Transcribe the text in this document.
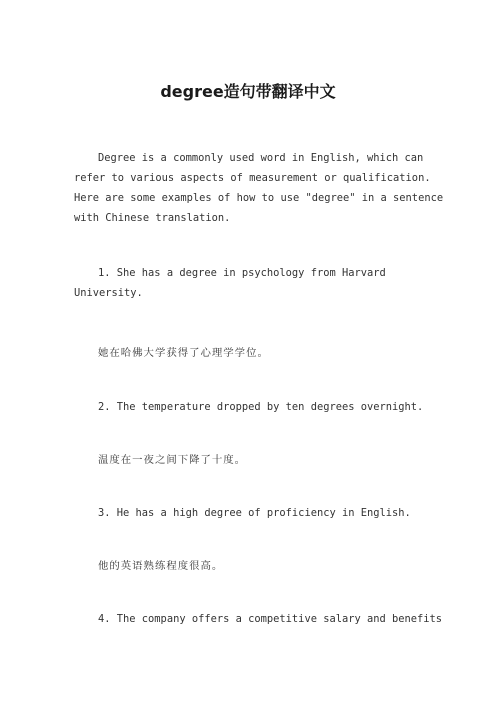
degree造句带翻译中文
Degree is a commonly used word in English, which can
refer to various aspects of measurement or qualification.
Here are some examples of how to use "degree" in a sentence
with Chinese translation.
1. She has a degree in psychology from Harvard
University.
她在哈佛大学获得了心理学学位。
2. The temperature dropped by ten degrees overnight.
温度在一夜之间下降了十度。
3. He has a high degree of proficiency in English.
他的英语熟练程度很高。
4. The company offers a competitive salary and benefits
